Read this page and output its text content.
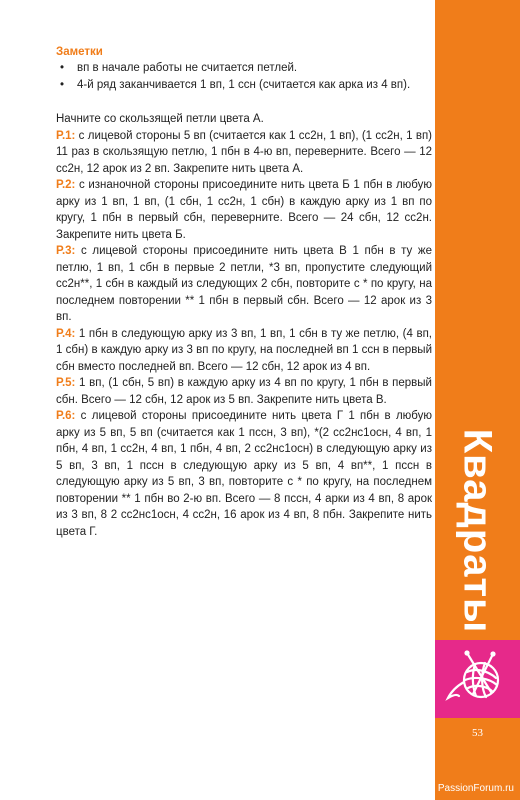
Квадраты
53
Заметки
• вп в начале работы не считается петлей.
• 4-й ряд заканчивается 1 вп, 1 ссн (считается как арка из 4 вп).

Начните со скользящей петли цвета А.

Р.1: с лицевой стороны 5 вп (считается как 1 сс2н, 1 вп), (1 сс2н, 1 вп) 11 раз в скользящую петлю, 1 пбн в 4-ю вп, переверните. Всего — 12 сс2н, 12 арок из 2 вп. Закрепите нить цвета А.

Р.2: с изнаночной стороны присоедините нить цвета Б 1 пбн в любую арку из 1 вп, 1 вп, (1 сбн, 1 сс2н, 1 сбн) в каждую арку из 1 вп по кругу, 1 пбн в первый сбн, переверните. Всего — 24 сбн, 12 сс2н. Закрепите нить цвета Б.

Р.3: с лицевой стороны присоедините нить цвета В 1 пбн в ту же петлю, 1 вп, 1 сбн в первые 2 петли, *3 вп, пропустите следующий сс2н**, 1 сбн в каждый из следующих 2 сбн, повторите с * по кругу, на последнем повторении ** 1 пбн в первый сбн. Всего — 12 арок из 3 вп.

Р.4: 1 пбн в следующую арку из 3 вп, 1 вп, 1 сбн в ту же петлю, (4 вп, 1 сбн) в каждую арку из 3 вп по кругу, на последней вп 1 ссн в первый сбн вместо последней вп. Всего — 12 сбн, 12 арок из 4 вп.

Р.5: 1 вп, (1 сбн, 5 вп) в каждую арку из 4 вп по кругу, 1 пбн в первый сбн. Всего — 12 сбн, 12 арок из 5 вп. Закрепите нить цвета В.

Р.6: с лицевой стороны присоедините нить цвета Г 1 пбн в любую арку из 5 вп, 5 вп (считается как 1 пссн, 3 вп), *(2 сс2нс1осн, 4 вп, 1 пбн, 4 вп, 1 сс2н, 4 вп, 1 пбн, 4 вп, 2 сс2нс1осн) в следующую арку из 5 вп, 3 вп, 1 пссн в следующую арку из 5 вп, 4 вп**, 1 пссн в следующую арку из 5 вп, 3 вп, повторите с * по кругу, на последнем повторении ** 1 пбн во 2-ю вп. Всего — 8 пссн, 4 арки из 4 вп, 8 арок из 3 вп, 8 2 сс2нс1осн, 4 сс2н, 16 арок из 4 вп, 8 пбн. Закрепите нить цвета Г.

PassionForum.ru
